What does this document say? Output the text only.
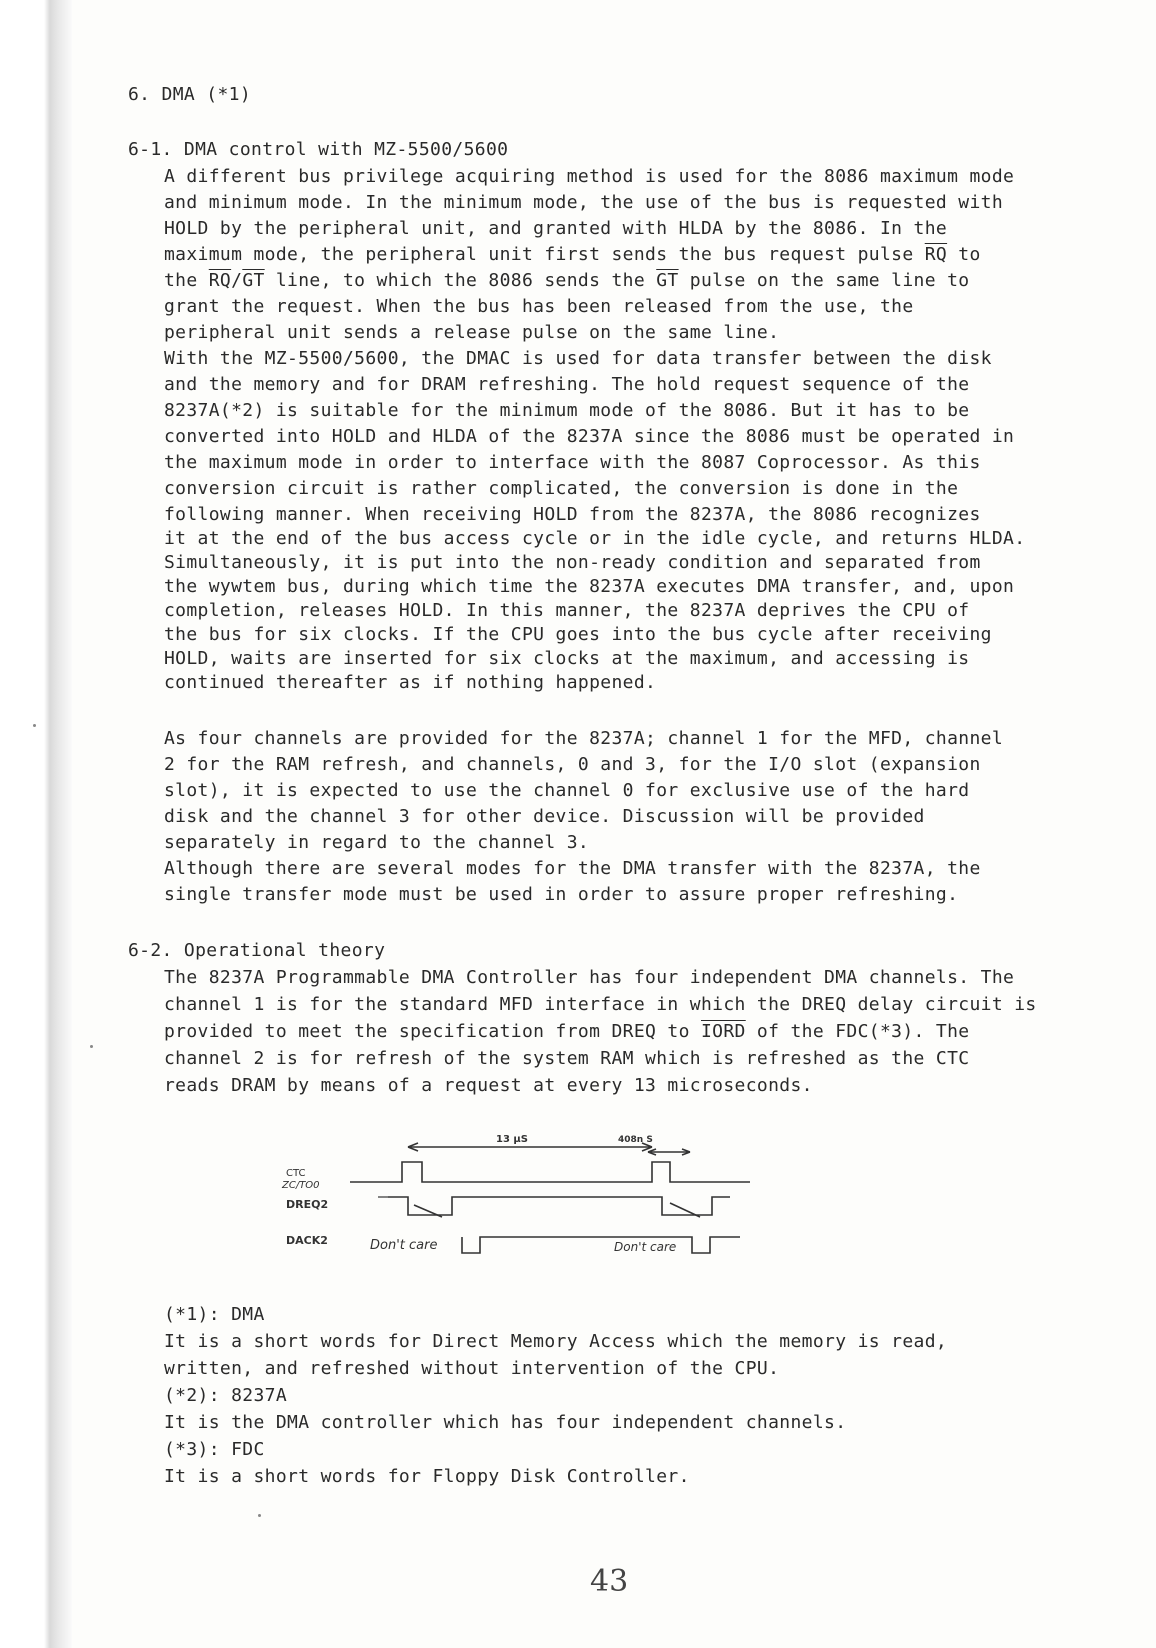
6. DMA (*1)
6-1. DMA control with MZ-5500/5600
A different bus privilege acquiring method is used for the 8086 maximum mode
and minimum mode. In the minimum mode, the use of the bus is requested with
HOLD by the peripheral unit, and granted with HLDA by the 8086. In the
maximum mode, the peripheral unit first sends the bus request pulse $\overline{RQ}$ to
the $\overline{RQ}/\overline{GT}$ line, to which the 8086 sends the $\overline{GT}$ pulse on the same line to
grant the request. When the bus has been released from the use, the
peripheral unit sends a release pulse on the same line.
With the MZ-5500/5600, the DMAC is used for data transfer between the disk
and the memory and for DRAM refreshing. The hold request sequence of the
8237A(*2) is suitable for the minimum mode of the 8086. But it has to be
converted into HOLD and HLDA of the 8237A since the 8086 must be operated in
the maximum mode in order to interface with the 8087 Coprocessor. As this
conversion circuit is rather complicated, the conversion is done in the
following manner. When receiving HOLD from the 8237A, the 8086 recognizes
it at the end of the bus access cycle or in the idle cycle, and returns HLDA.
Simultaneously, it is put into the non-ready condition and separated from
the wywtem bus, during which time the 8237A executes DMA transfer, and, upon
completion, releases HOLD. In this manner, the 8237A deprives the CPU of
the bus for six clocks. If the CPU goes into the bus cycle after receiving
HOLD, waits are inserted for six clocks at the maximum, and accessing is
continued thereafter as if nothing happened.
As four channels are provided for the 8237A; channel 1 for the MFD, channel
2 for the RAM refresh, and channels, 0 and 3, for the I/O slot (expansion
slot), it is expected to use the channel 0 for exclusive use of the hard
disk and the channel 3 for other device. Discussion will be provided
separately in regard to the channel 3.
Although there are several modes for the DMA transfer with the 8237A, the
single transfer mode must be used in order to assure proper refreshing.
6-2. Operational theory
The 8237A Programmable DMA Controller has four independent DMA channels. The
channel 1 is for the standard MFD interface in which the DREQ delay circuit is
provided to meet the specification from DREQ to IORD of the FDC(*3). The
channel 2 is for refresh of the system RAM which is refreshed as the CTC
reads DRAM by means of a request at every 13 microseconds.
13 μS	408n S
CTC
ZC/TO0
DREQ2
DACK2	Don't care	Don't care
(*1): DMA
It is a short words for Direct Memory Access which the memory is read,
written, and refreshed without intervention of the CPU.
(*2): 8237A
It is the DMA controller which has four independent channels.
(*3): FDC
It is a short words for Floppy Disk Controller.
43
